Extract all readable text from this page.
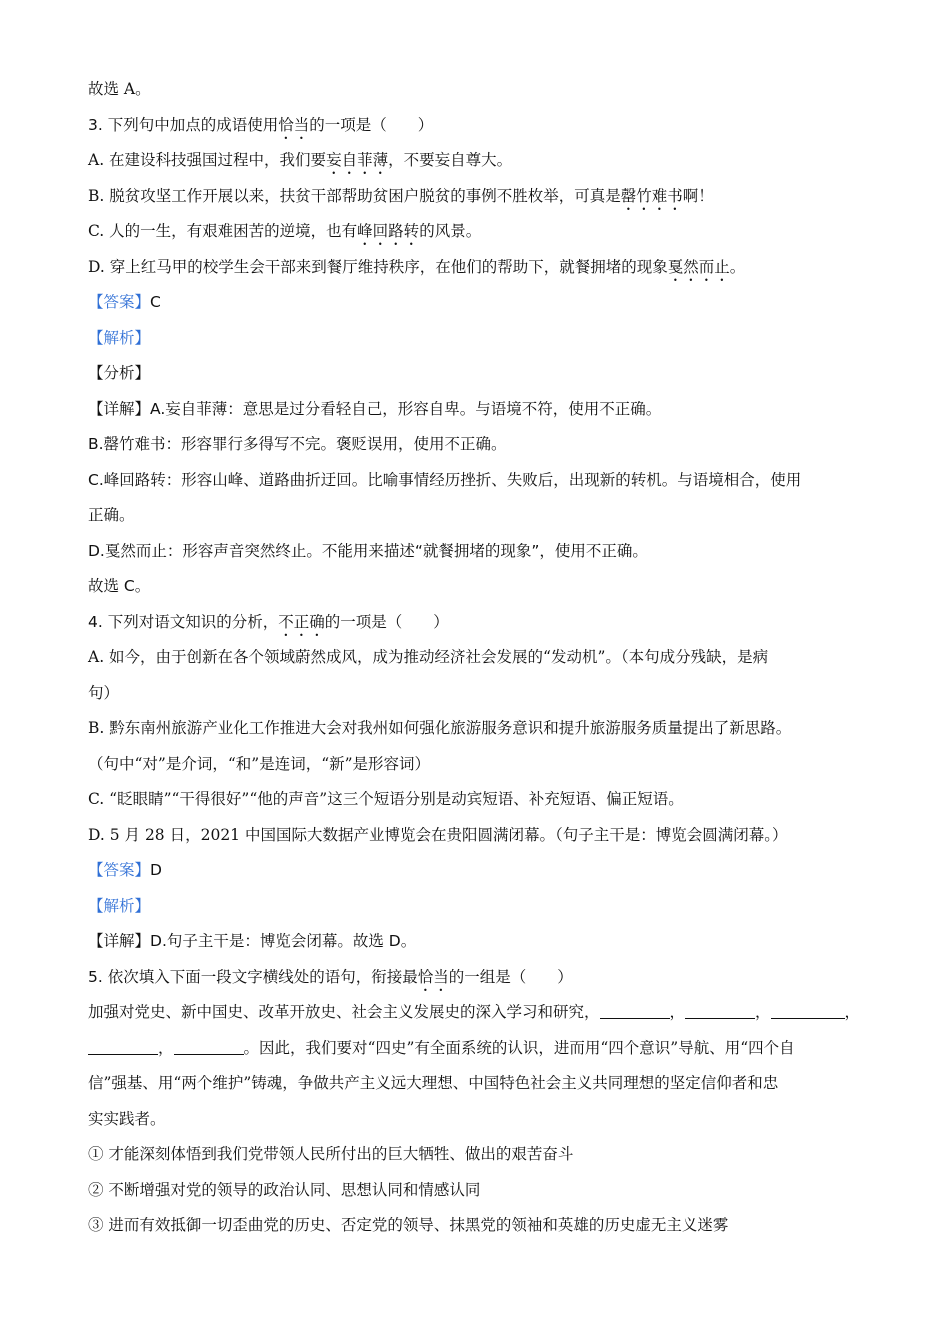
故选 A。
3. 下列句中加点的成语使用恰当的一项是（　　）
A. 在建设科技强国过程中，我们要妄自菲薄，不要妄自尊大。
B. 脱贫攻坚工作开展以来，扶贫干部帮助贫困户脱贫的事例不胜枚举，可真是罄竹难书啊！
C. 人的一生，有艰难困苦的逆境，也有峰回路转的风景。
D. 穿上红马甲的校学生会干部来到餐厅维持秩序，在他们的帮助下，就餐拥堵的现象戛然而止。
【答案】C
【解析】
【分析】
【详解】A.妄自菲薄：意思是过分看轻自己，形容自卑。与语境不符，使用不正确。
B.罄竹难书：形容罪行多得写不完。褒贬误用，使用不正确。
C.峰回路转：形容山峰、道路曲折迂回。比喻事情经历挫折、失败后，出现新的转机。与语境相合，使用
正确。
D.戛然而止：形容声音突然终止。不能用来描述“就餐拥堵的现象”，使用不正确。
故选 C。
4. 下列对语文知识的分析，不正确的一项是（　　）
A. 如今，由于创新在各个领域蔚然成风，成为推动经济社会发展的“发动机”。（本句成分残缺，是病
句）
B. 黔东南州旅游产业化工作推进大会对我州如何强化旅游服务意识和提升旅游服务质量提出了新思路。
（句中“对”是介词，“和”是连词，“新”是形容词）
C. “眨眼睛”“干得很好”“他的声音”这三个短语分别是动宾短语、补充短语、偏正短语。
D. 5 月 28 日，2021 中国国际大数据产业博览会在贵阳圆满闭幕。（句子主干是：博览会圆满闭幕。）
【答案】D
【解析】
【详解】D.句子主干是：博览会闭幕。故选 D。
5. 依次填入下面一段文字横线处的语句，衔接最恰当的一组是（　　）
加强对党史、新中国史、改革开放史、社会主义发展史的深入学习和研究，	，	，	，
，	。因此，我们要对“四史”有全面系统的认识，进而用“四个意识”导航、用“四个自
信”强基、用“两个维护”铸魂，争做共产主义远大理想、中国特色社会主义共同理想的坚定信仰者和忠
实实践者。
① 才能深刻体悟到我们党带领人民所付出的巨大牺牲、做出的艰苦奋斗
② 不断增强对党的领导的政治认同、思想认同和情感认同
③ 进而有效抵御一切歪曲党的历史、否定党的领导、抹黑党的领袖和英雄的历史虚无主义迷雾
